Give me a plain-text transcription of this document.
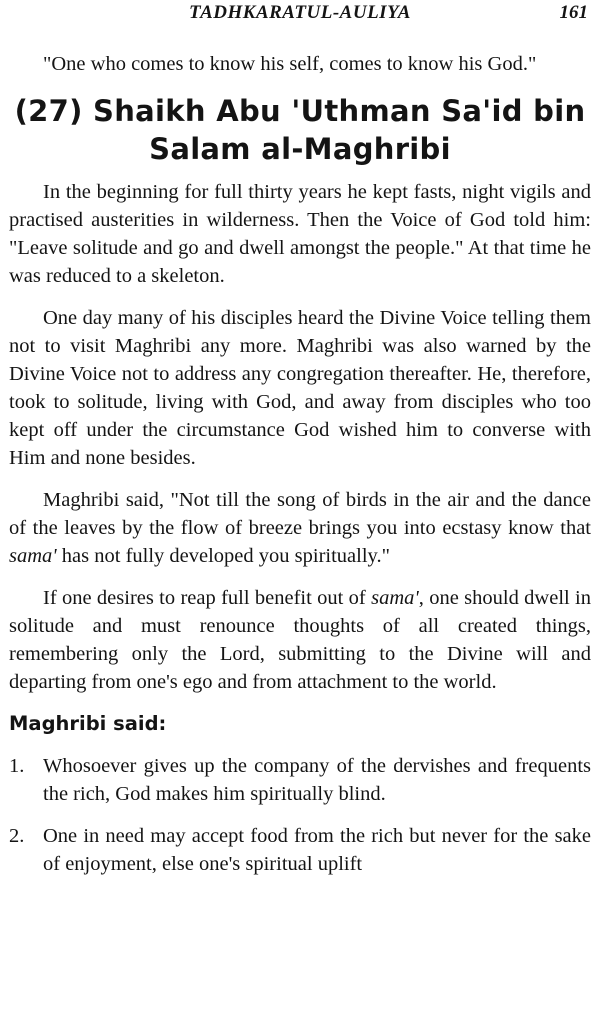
TADHKARATUL-AULIYA	161

"One who comes to know his self, comes to know his God."

(27) Shaikh Abu 'Uthman Sa'id bin
Salam al-Maghribi

In the beginning for full thirty years he kept fasts, night vigils and practised austerities in wilderness. Then the Voice of God told him: "Leave solitude and go and dwell amongst the people." At that time he was reduced to a skeleton.

One day many of his disciples heard the Divine Voice telling them not to visit Maghribi any more. Maghribi was also warned by the Divine Voice not to address any congregation thereafter. He, therefore, took to solitude, living with God, and away from disciples who too kept off under the circumstance God wished him to converse with Him and none besides.

Maghribi said, "Not till the song of birds in the air and the dance of the leaves by the flow of breeze brings you into ecstasy know that sama' has not fully developed you spiritually."

If one desires to reap full benefit out of sama', one should dwell in solitude and must renounce thoughts of all created things, remembering only the Lord, submitting to the Divine will and departing from one's ego and from attachment to the world.

Maghribi said:
1. Whosoever gives up the company of the dervishes and frequents the rich, God makes him spiritually blind.
2. One in need may accept food from the rich but never for the sake of enjoyment, else one's spiritual uplift
